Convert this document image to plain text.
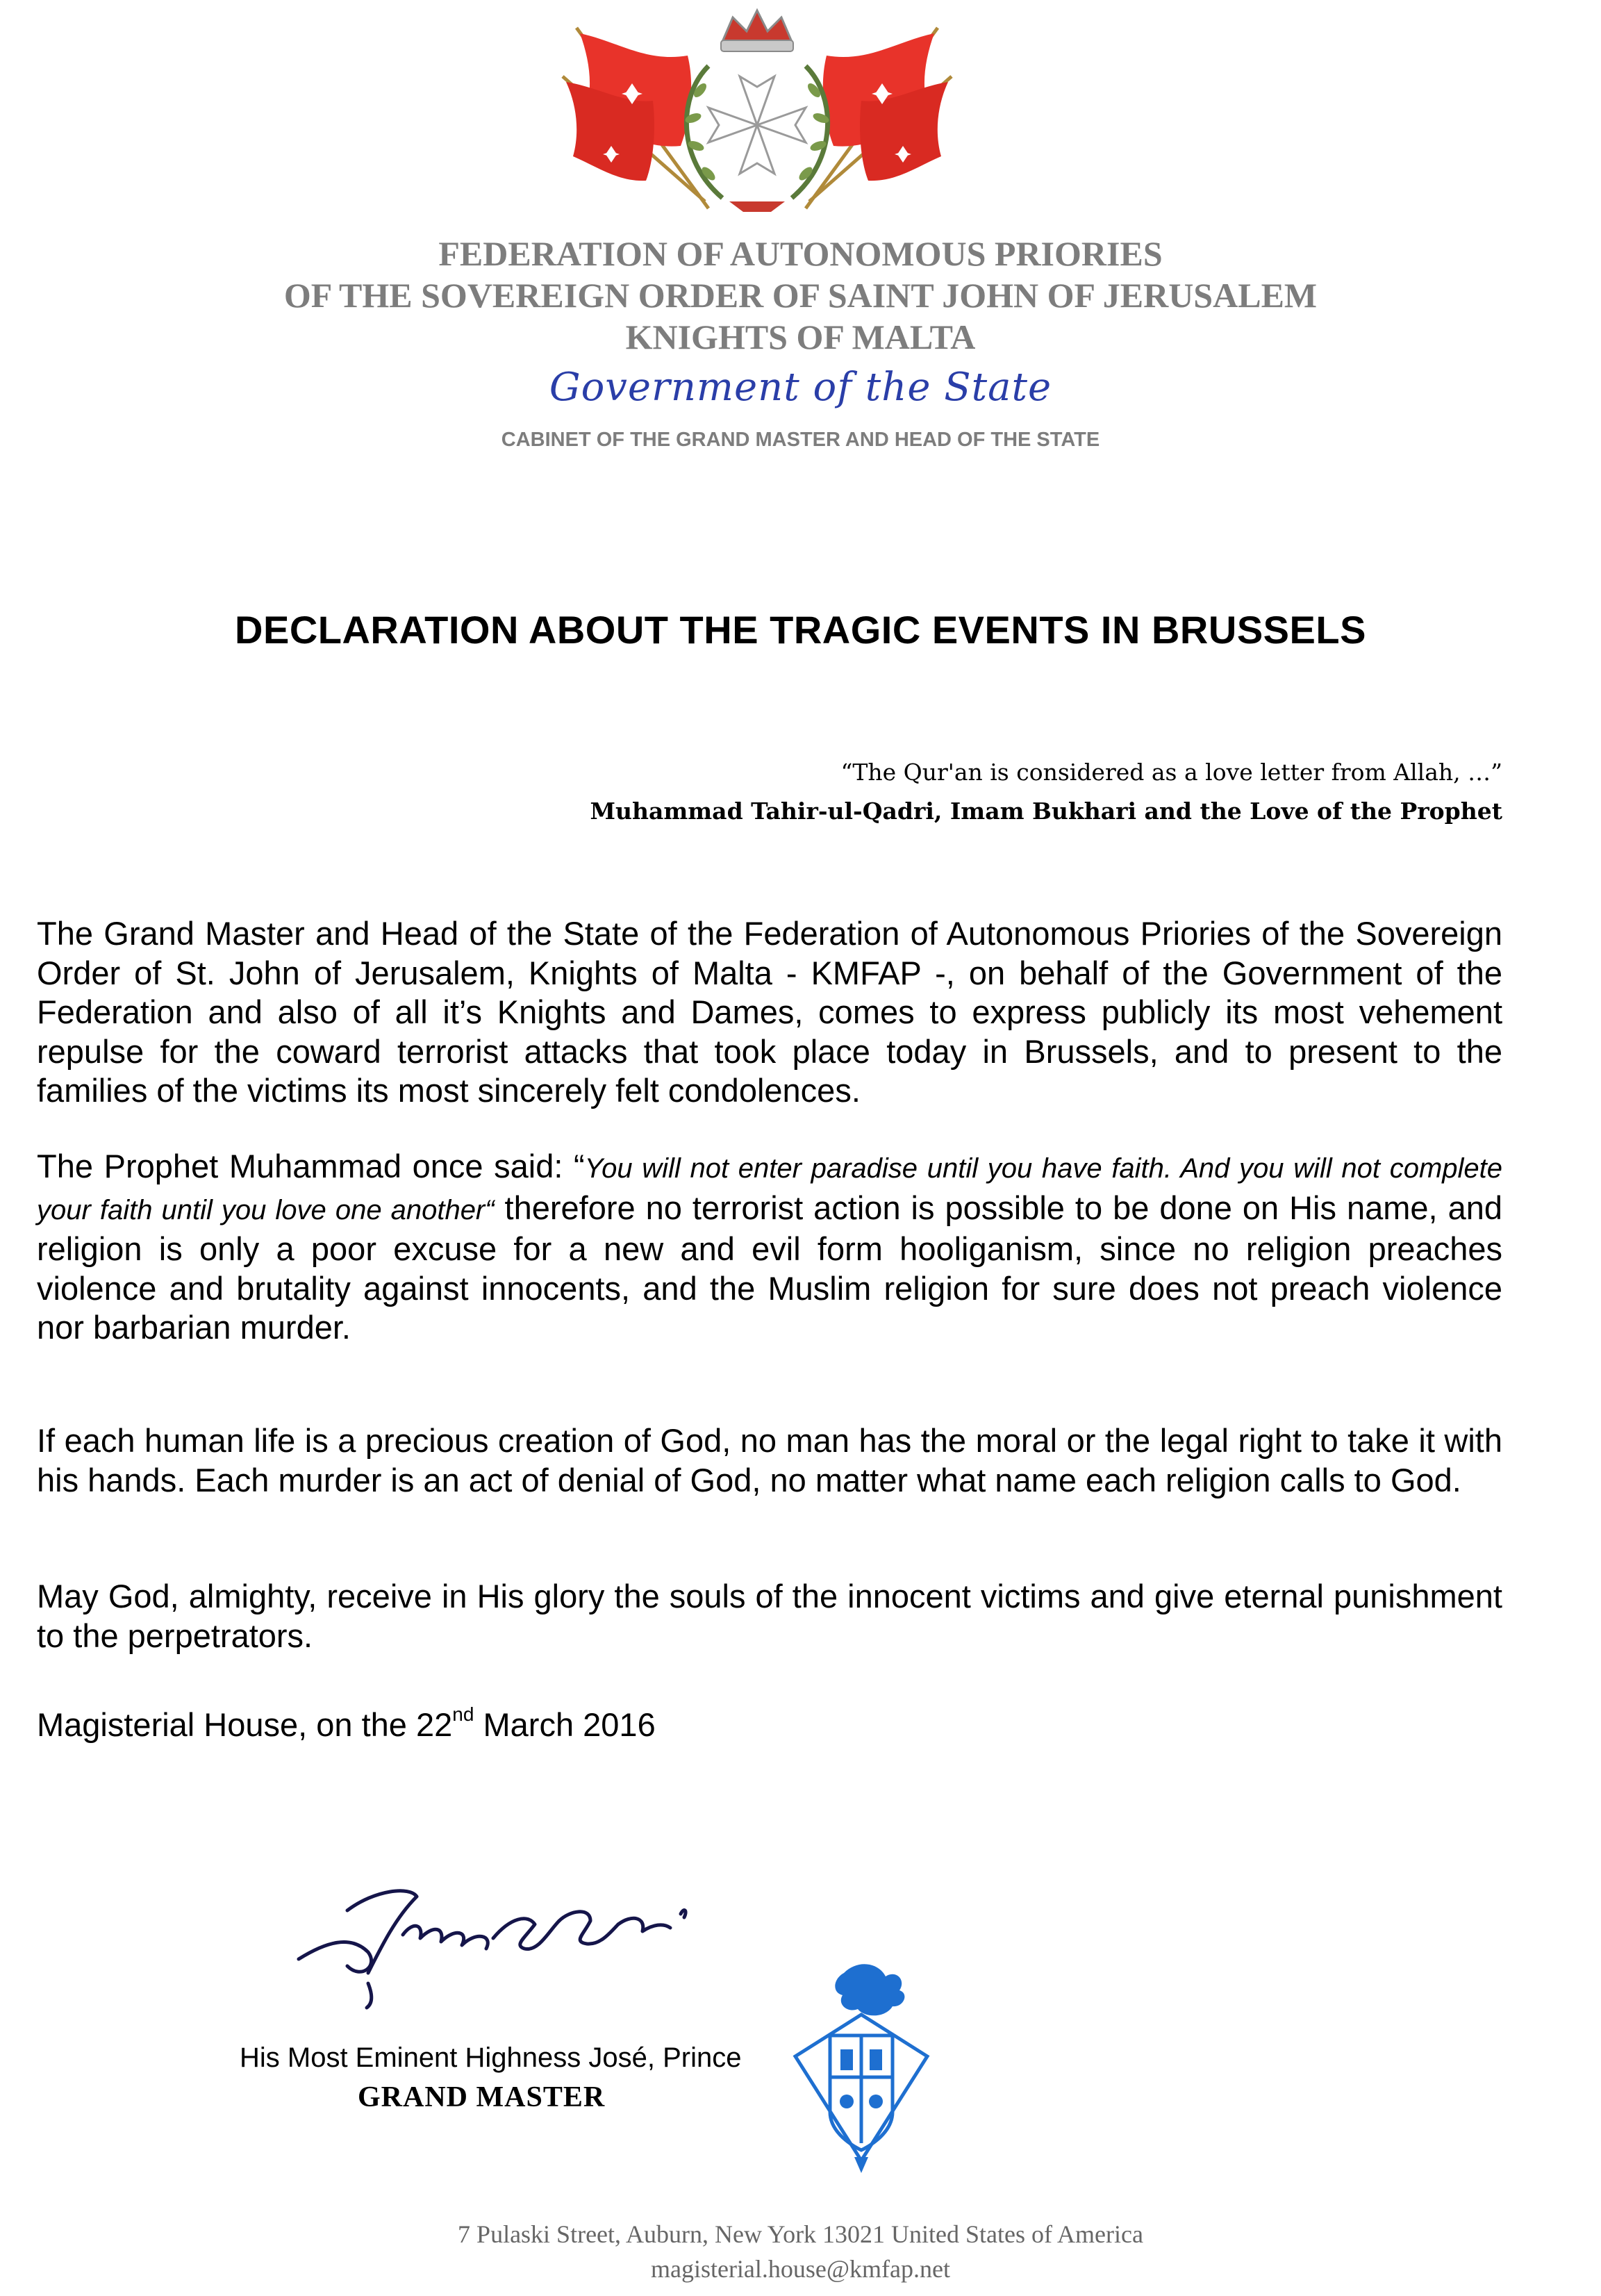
FEDERATION OF AUTONOMOUS PRIORIES
OF THE SOVEREIGN ORDER OF SAINT JOHN OF JERUSALEM
KNIGHTS OF MALTA
Government of the State
CABINET OF THE GRAND MASTER AND HEAD OF THE STATE
DECLARATION ABOUT THE TRAGIC EVENTS IN BRUSSELS
“The Qur'an is considered as a love letter from Allah, …”
Muhammad Tahir-ul-Qadri, Imam Bukhari and the Love of the Prophet

The Grand Master and Head of the State of the Federation of Autonomous Priories of the Sovereign Order of St. John of Jerusalem, Knights of Malta - KMFAP -, on behalf of the Government of the Federation and also of all it’s Knights and Dames, comes to express publicly its most vehement repulse for the coward terrorist attacks that took place today in Brussels, and to present to the families of the victims its most sincerely felt condolences.

The Prophet Muhammad once said: “You will not enter paradise until you have faith. And you will not complete your faith until you love one another“ therefore no terrorist action is possible to be done on His name, and religion is only a poor excuse for a new and evil form hooliganism, since no religion preaches violence and brutality against innocents, and the Muslim religion for sure does not preach violence nor barbarian murder.

If each human life is a precious creation of God, no man has the moral or the legal right to take it with his hands. Each murder is an act of denial of God, no matter what name each religion calls to God.

May God, almighty, receive in His glory the souls of the innocent victims and give eternal punishment to the perpetrators.

Magisterial House, on the 22nd March 2016
His Most Eminent Highness José, Prince
GRAND MASTER
7 Pulaski Street, Auburn, New York 13021 United States of America
magisterial.house@kmfap.net
